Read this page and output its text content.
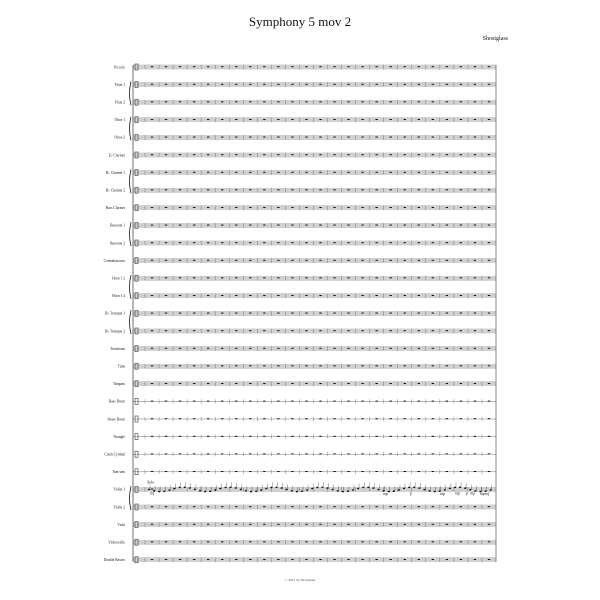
Symphony 5 mov 2
Shostglass
Piccolo
Flute 1
Flute 2
Oboe 1
Oboe 2
E♭ Clarinet
B♭ Clarinet 1
B♭ Clarinet 2
Bass Clarinet
Bassoon 1
Bassoon 2
Contrabassoon
Horn 1 2
Horn 3 4
B♭ Trumpet 1
B♭ Trumpet 2
Trombone
Tuba
Timpani
Bass Drum
Snare Drum
Triangle
Crash Cymbal
Tam-tam
Violin 1
Violin 2
Viola
Violoncello
Double Basses
Solo
mf	mp	p	mp	p	mp
mp	mf
mp
© 2012 by Shostglass
